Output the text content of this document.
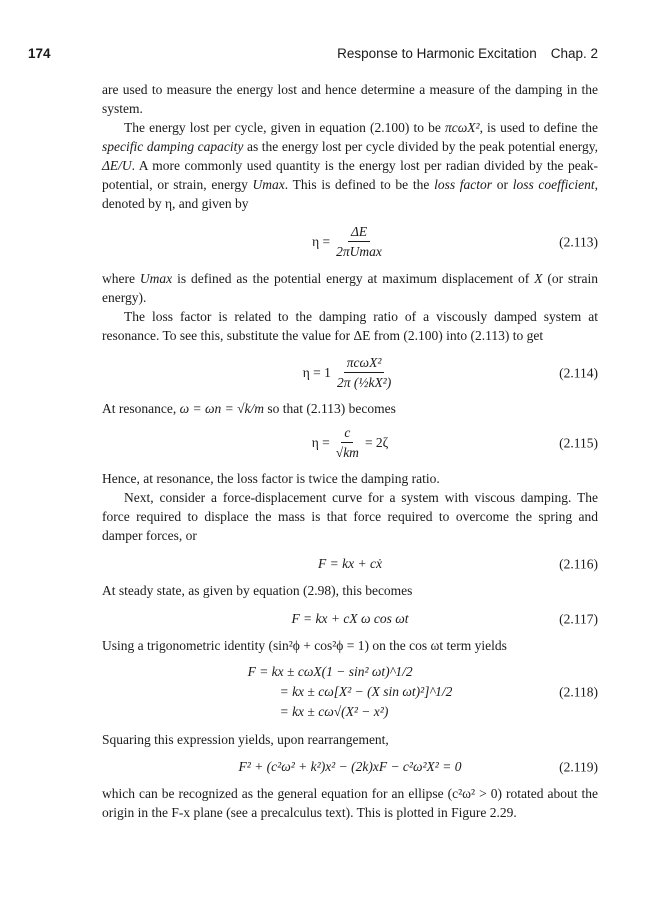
174	Response to Harmonic Excitation Chap. 2

are used to measure the energy lost and hence determine a measure of the damping in the system.

The energy lost per cycle, given in equation (2.100) to be πcωX², is used to define the specific damping capacity as the energy lost per cycle divided by the peak potential energy, ΔE/U. A more commonly used quantity is the energy lost per radian divided by the peak-potential, or strain, energy Umax. This is defined to be the loss factor or loss coefficient, denoted by η, and given by

$\eta = \frac{\Delta E}{2\pi Umax}$	(2.113)

where Umax is defined as the potential energy at maximum displacement of X (or strain energy).

The loss factor is related to the damping ratio of a viscously damped system at resonance. To see this, substitute the value for ΔE from (2.100) into (2.113) to get

$\eta = 1 \frac{\text{πcωX²}}{\text{2π (½kX²)}}$	(2.114)

At resonance, ω = ωn = √k/m so that (2.113) becomes

$\eta = \frac{c}{√km} = 2\zeta$	(2.115)

Hence, at resonance, the loss factor is twice the damping ratio.

Next, consider a force-displacement curve for a system with viscous damping. The force required to displace the mass is that force required to overcome the spring and damper forces, or

F = kx + cẋ	(2.116)

At steady state, as given by equation (2.98), this becomes

F = kx + cX ω cos ωt	(2.117)

Using a trigonometric identity (sin²ϕ + cos²ϕ = 1) on the cos ωt term yields

F = kx ± cωX(1 − sin² ωt)^1/2
= kx ± cω[X² − (X sin ωt)²]^1/2
= kx ± cω√(X² − x²)
(2.118)

Squaring this expression yields, upon rearrangement,

F² + (c²ω² + k²)x² − (2k)xF − c²ω²X² = 0	(2.119)

which can be recognized as the general equation for an ellipse (c²ω² > 0) rotated about the origin in the F-x plane (see a precalculus text). This is plotted in Figure 2.29.
